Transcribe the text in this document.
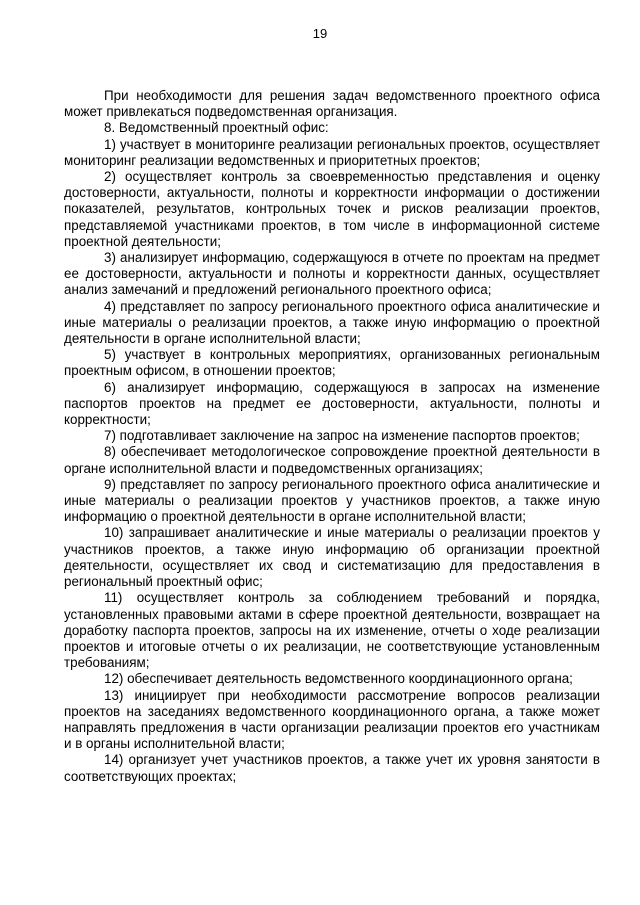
19

При необходимости для решения задач ведомственного проектного офиса может привлекаться подведомственная организация.

8. Ведомственный проектный офис:

1) участвует в мониторинге реализации региональных проектов, осуществляет мониторинг реализации ведомственных и приоритетных проектов;

2) осуществляет контроль за своевременностью представления и оценку достоверности, актуальности, полноты и корректности информации о достижении показателей, результатов, контрольных точек и рисков реализации проектов, представляемой участниками проектов, в том числе в информационной системе проектной деятельности;

3) анализирует информацию, содержащуюся в отчете по проектам на предмет ее достоверности, актуальности и полноты и корректности данных, осуществляет анализ замечаний и предложений регионального проектного офиса;

4) представляет по запросу регионального проектного офиса аналитические и иные материалы о реализации проектов, а также иную информацию о проектной деятельности в органе исполнительной власти;

5) участвует в контрольных мероприятиях, организованных региональным проектным офисом, в отношении проектов;

6) анализирует информацию, содержащуюся в запросах на изменение паспортов проектов на предмет ее достоверности, актуальности, полноты и корректности;

7) подготавливает заключение на запрос на изменение паспортов проектов;

8) обеспечивает методологическое сопровождение проектной деятельности в органе исполнительной власти и подведомственных организациях;

9) представляет по запросу регионального проектного офиса аналитические и иные материалы о реализации проектов у участников проектов, а также иную информацию о проектной деятельности в органе исполнительной власти;

10) запрашивает аналитические и иные материалы о реализации проектов у участников проектов, а также иную информацию об организации проектной деятельности, осуществляет их свод и систематизацию для предоставления в региональный проектный офис;

11) осуществляет контроль за соблюдением требований и порядка, установленных правовыми актами в сфере проектной деятельности, возвращает на доработку паспорта проектов, запросы на их изменение, отчеты о ходе реализации проектов и итоговые отчеты о их реализации, не соответствующие установленным требованиям;

12) обеспечивает деятельность ведомственного координационного органа;

13) инициирует при необходимости рассмотрение вопросов реализации проектов на заседаниях ведомственного координационного органа, а также может направлять предложения в части организации реализации проектов его участникам и в органы исполнительной власти;

14) организует учет участников проектов, а также учет их уровня занятости в соответствующих проектах;
